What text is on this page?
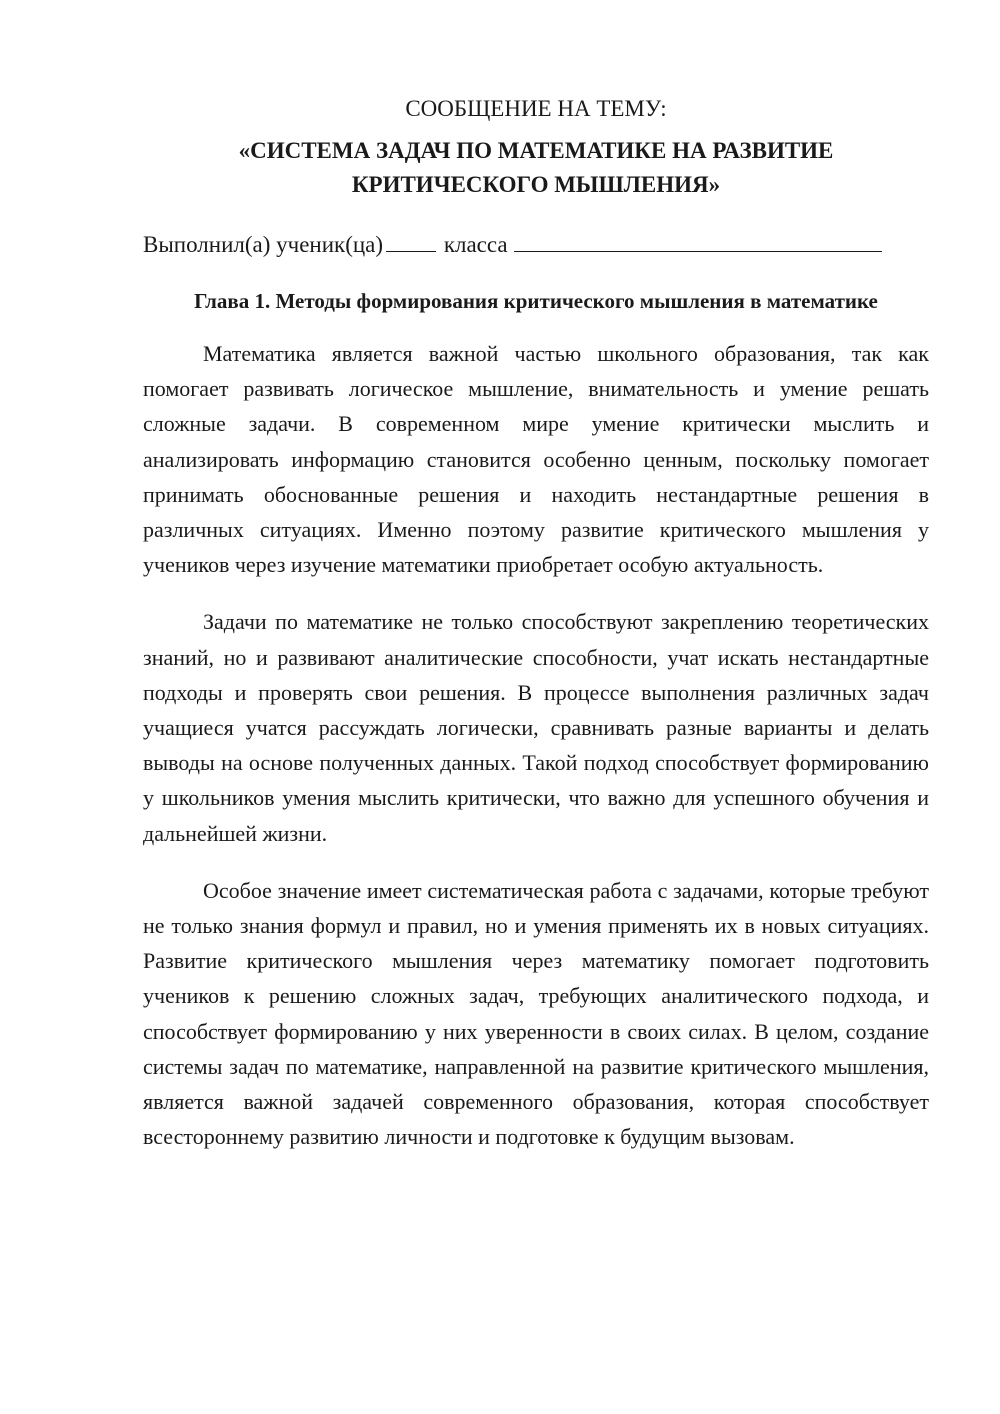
СООБЩЕНИЕ НА ТЕМУ:

«СИСТЕМА ЗАДАЧ ПО МАТЕМАТИКЕ НА РАЗВИТИЕ
КРИТИЧЕСКОГО МЫШЛЕНИЯ»

Выполнил(а) ученик(ца)	класса

Глава 1. Методы формирования критического мышления в математике

Математика является важной частью школьного образования, так как помогает развивать логическое мышление, внимательность и умение решать сложные задачи. В современном мире умение критически мыслить и анализировать информацию становится особенно ценным, поскольку помогает принимать обоснованные решения и находить нестандартные решения в различных ситуациях. Именно поэтому развитие критического мышления у учеников через изучение математики приобретает особую актуальность.

Задачи по математике не только способствуют закреплению теоретических знаний, но и развивают аналитические способности, учат искать нестандартные подходы и проверять свои решения. В процессе выполнения различных задач учащиеся учатся рассуждать логически, сравнивать разные варианты и делать выводы на основе полученных данных. Такой подход способствует формированию у школьников умения мыслить критически, что важно для успешного обучения и дальнейшей жизни.

Особое значение имеет систематическая работа с задачами, которые требуют не только знания формул и правил, но и умения применять их в новых ситуациях. Развитие критического мышления через математику помогает подготовить учеников к решению сложных задач, требующих аналитического подхода, и способствует формированию у них уверенности в своих силах. В целом, создание системы задач по математике, направленной на развитие критического мышления, является важной задачей современного образования, которая способствует всестороннему развитию личности и подготовке к будущим вызовам.
